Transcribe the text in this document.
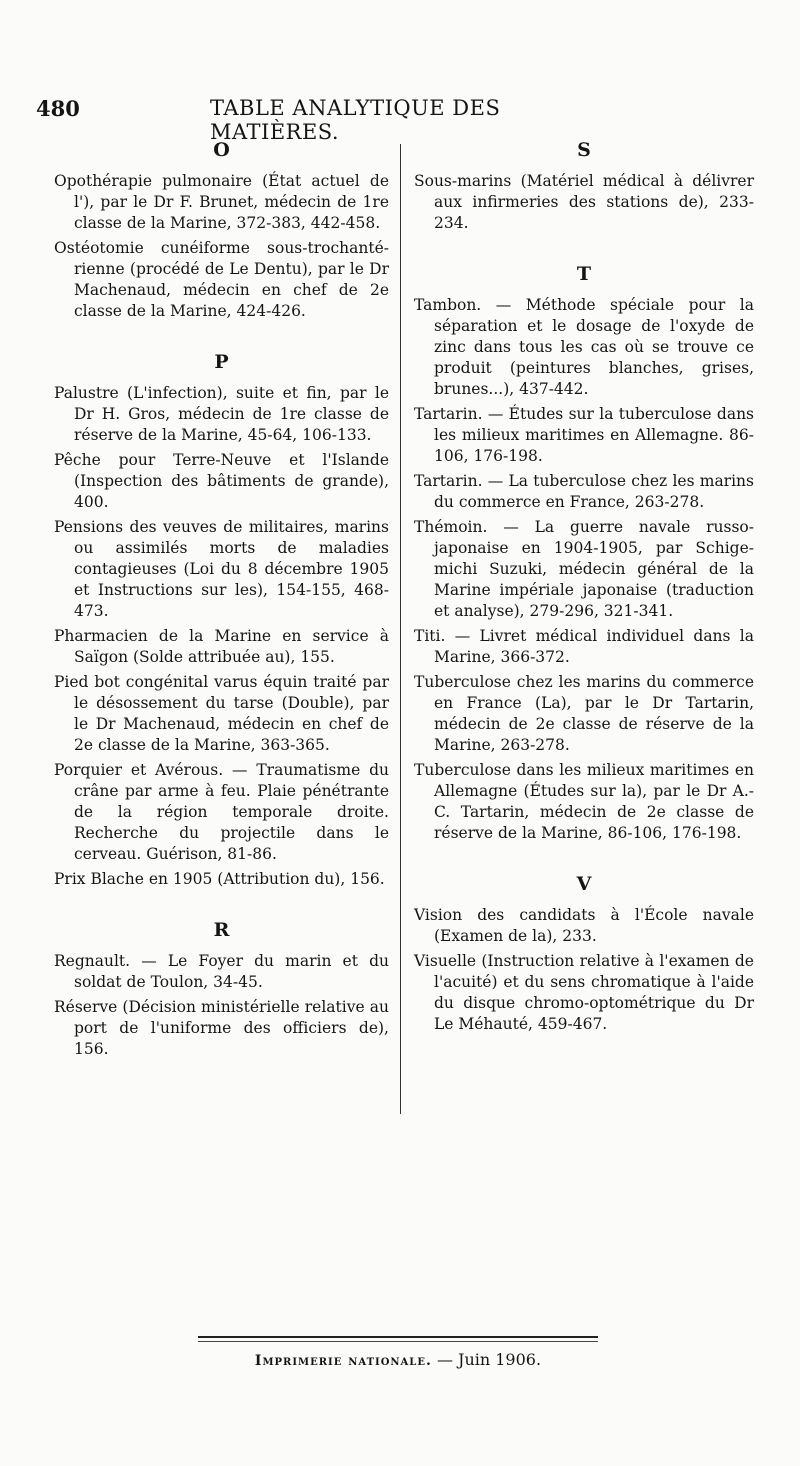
480	TABLE ANALYTIQUE DES MATIÈRES.
O

Opothérapie pulmonaire (État actuel de l'), par le Dr F. Brunet, médecin de 1re classe de la Marine, 372-383, 442-458.

Ostéotomie cunéiforme sous-trochanté-rienne (procédé de Le Dentu), par le Dr Machenaud, médecin en chef de 2e classe de la Marine, 424-426.

P

Palustre (L'infection), suite et fin, par le Dr H. Gros, médecin de 1re classe de réserve de la Marine, 45-64, 106-133.

Pêche pour Terre-Neuve et l'Islande (Inspection des bâtiments de grande), 400.

Pensions des veuves de militaires, marins ou assimilés morts de maladies contagieuses (Loi du 8 décembre 1905 et Instructions sur les), 154-155, 468-473.

Pharmacien de la Marine en service à Saïgon (Solde attribuée au), 155.

Pied bot congénital varus équin traité par le désossement du tarse (Double), par le Dr Machenaud, médecin en chef de 2e classe de la Marine, 363-365.

Porquier et Avérous. — Traumatisme du crâne par arme à feu. Plaie pénétrante de la région temporale droite. Recherche du projectile dans le cerveau. Guérison, 81-86.

Prix Blache en 1905 (Attribution du), 156.

R

Regnault. — Le Foyer du marin et du soldat de Toulon, 34-45.

Réserve (Décision ministérielle relative au port de l'uniforme des officiers de), 156.

S

Sous-marins (Matériel médical à délivrer aux infirmeries des stations de), 233-234.

T

Tambon. — Méthode spéciale pour la séparation et le dosage de l'oxyde de zinc dans tous les cas où se trouve ce produit (peintures blanches, grises, brunes...), 437-442.

Tartarin. — Études sur la tuberculose dans les milieux maritimes en Allemagne. 86-106, 176-198.

Tartarin. — La tuberculose chez les marins du commerce en France, 263-278.

Thémoin. — La guerre navale russo-japonaise en 1904-1905, par Schige-michi Suzuki, médecin général de la Marine impériale japonaise (traduction et analyse), 279-296, 321-341.

Titi. — Livret médical individuel dans la Marine, 366-372.

Tuberculose chez les marins du commerce en France (La), par le Dr Tartarin, médecin de 2e classe de réserve de la Marine, 263-278.

Tuberculose dans les milieux maritimes en Allemagne (Études sur la), par le Dr A.-C. Tartarin, médecin de 2e classe de réserve de la Marine, 86-106, 176-198.

V

Vision des candidats à l'École navale (Examen de la), 233.

Visuelle (Instruction relative à l'examen de l'acuité) et du sens chromatique à l'aide du disque chromo-optométrique du Dr Le Méhauté, 459-467.

Imprimerie nationale. — Juin 1906.
